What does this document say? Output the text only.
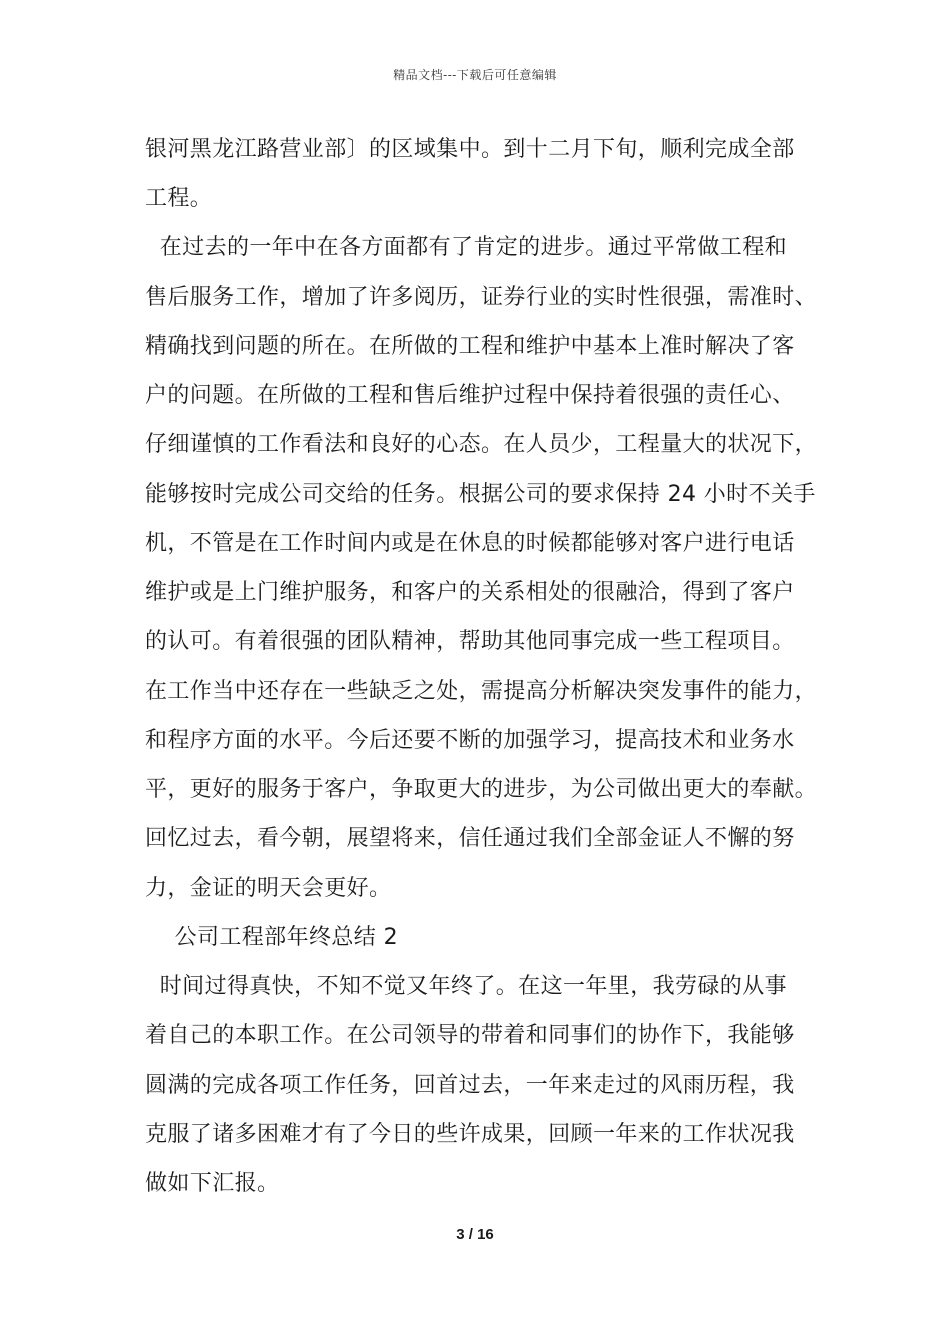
精品文档---下载后可任意编辑
银河黑龙江路营业部〕的区域集中。到十二月下旬，顺利完成全部
工程。
在过去的一年中在各方面都有了肯定的进步。通过平常做工程和
售后服务工作，增加了许多阅历，证券行业的实时性很强，需准时、
精确找到问题的所在。在所做的工程和维护中基本上准时解决了客
户的问题。在所做的工程和售后维护过程中保持着很强的责任心、
仔细谨慎的工作看法和良好的心态。在人员少，工程量大的状况下，
能够按时完成公司交给的任务。根据公司的要求保持 24 小时不关手
机，不管是在工作时间内或是在休息的时候都能够对客户进行电话
维护或是上门维护服务，和客户的关系相处的很融洽，得到了客户
的认可。有着很强的团队精神，帮助其他同事完成一些工程项目。
在工作当中还存在一些缺乏之处，需提高分析解决突发事件的能力，
和程序方面的水平。今后还要不断的加强学习，提高技术和业务水
平，更好的服务于客户，争取更大的进步，为公司做出更大的奉献。
回忆过去，看今朝，展望将来，信任通过我们全部金证人不懈的努
力，金证的明天会更好。
公司工程部年终总结 2
时间过得真快，不知不觉又年终了。在这一年里，我劳碌的从事
着自己的本职工作。在公司领导的带着和同事们的协作下，我能够
圆满的完成各项工作任务，回首过去，一年来走过的风雨历程，我
克服了诸多困难才有了今日的些许成果，回顾一年来的工作状况我
做如下汇报。
3 / 16
